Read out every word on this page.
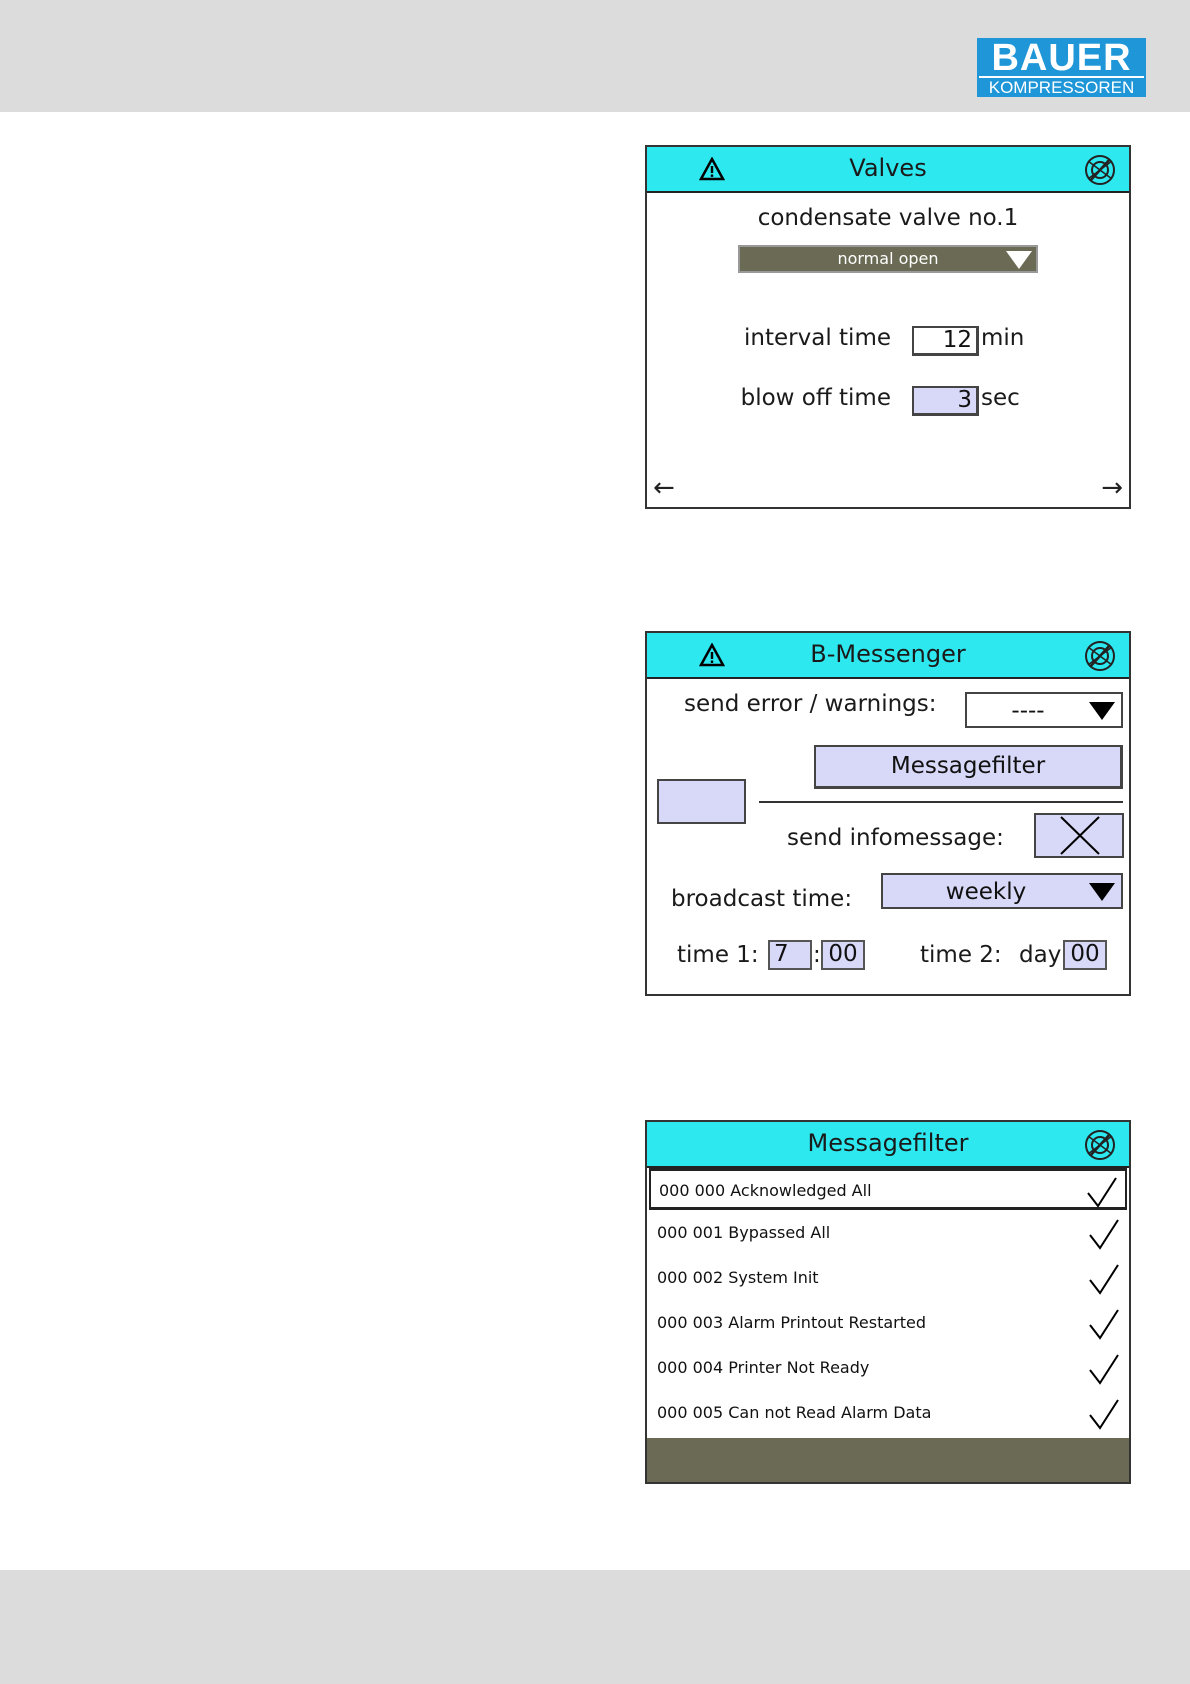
BAUER
KOMPRESSOREN
Valves
condensate valve no.1
normal open
interval time	12 min
blow off time	3 sec
←	→
B-Messenger
send error / warnings:	----
Messagefilter
send infomessage:
broadcast time:	weekly
time 1: 7	: 00	time 2: day 00
Messagefilter
000 000 Acknowledged All
000 001 Bypassed All
000 002 System Init
000 003 Alarm Printout Restarted
000 004 Printer Not Ready
000 005 Can not Read Alarm Data
